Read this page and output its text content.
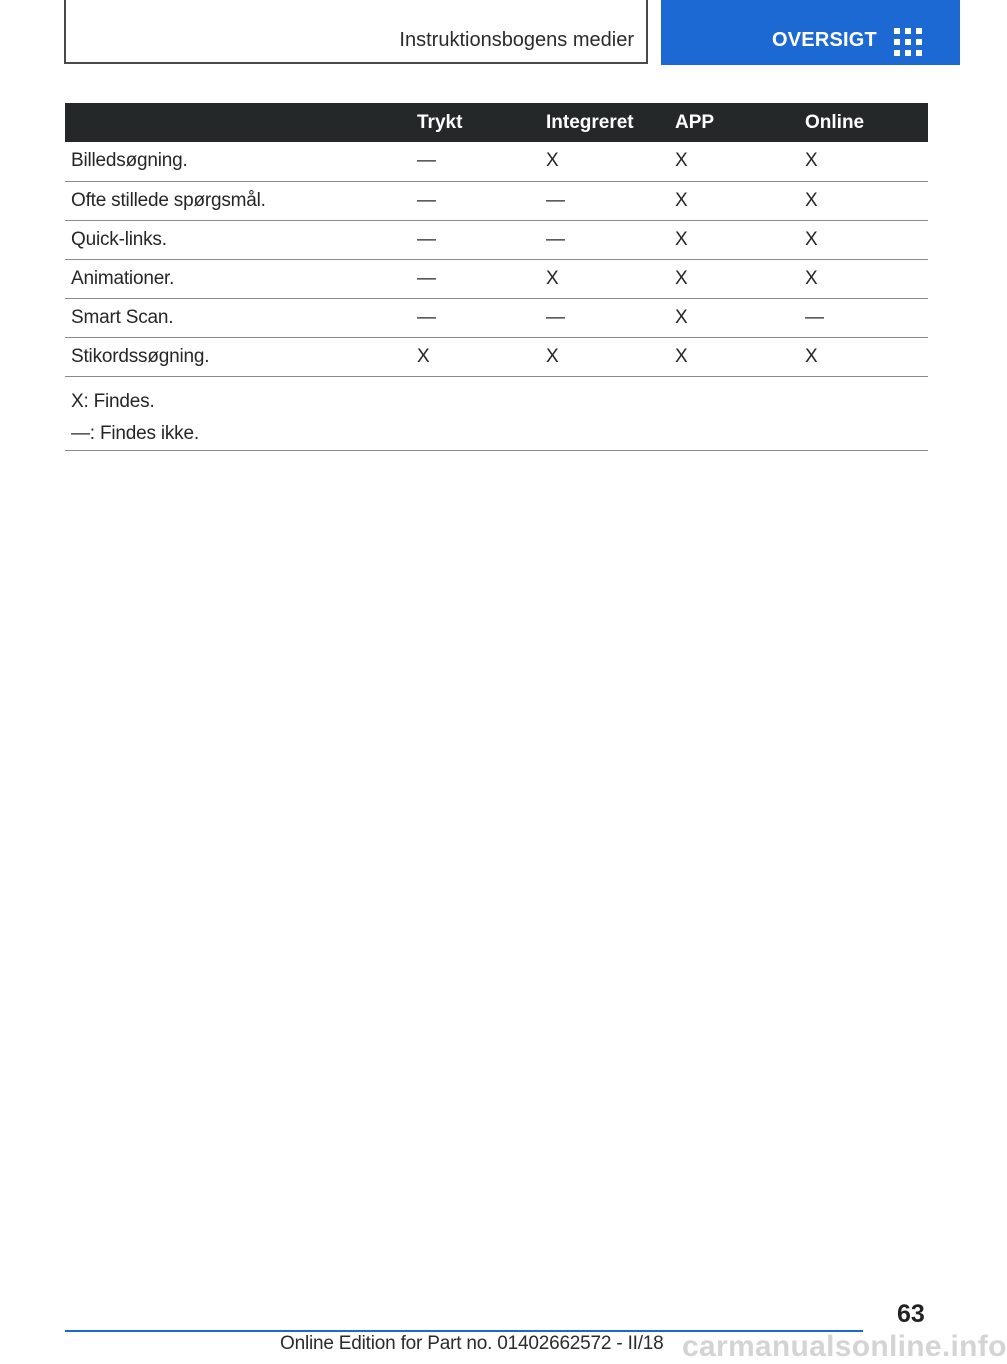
Instruktionsbogens medier	OVERSIGT
	Trykt	Integreret	APP	Online
Billedsøgning.	—	X	X	X
Ofte stillede spørgsmål.	—	—	X	X
Quick-links.	—	—	X	X
Animationer.	—	X	X	X
Smart Scan.	—	—	X	—
Stikordssøgning.	X	X	X	X

X: Findes.
—: Findes ikke.				
63
Online Edition for Part no. 01402662572 - II/18 carmanualsonline.info
